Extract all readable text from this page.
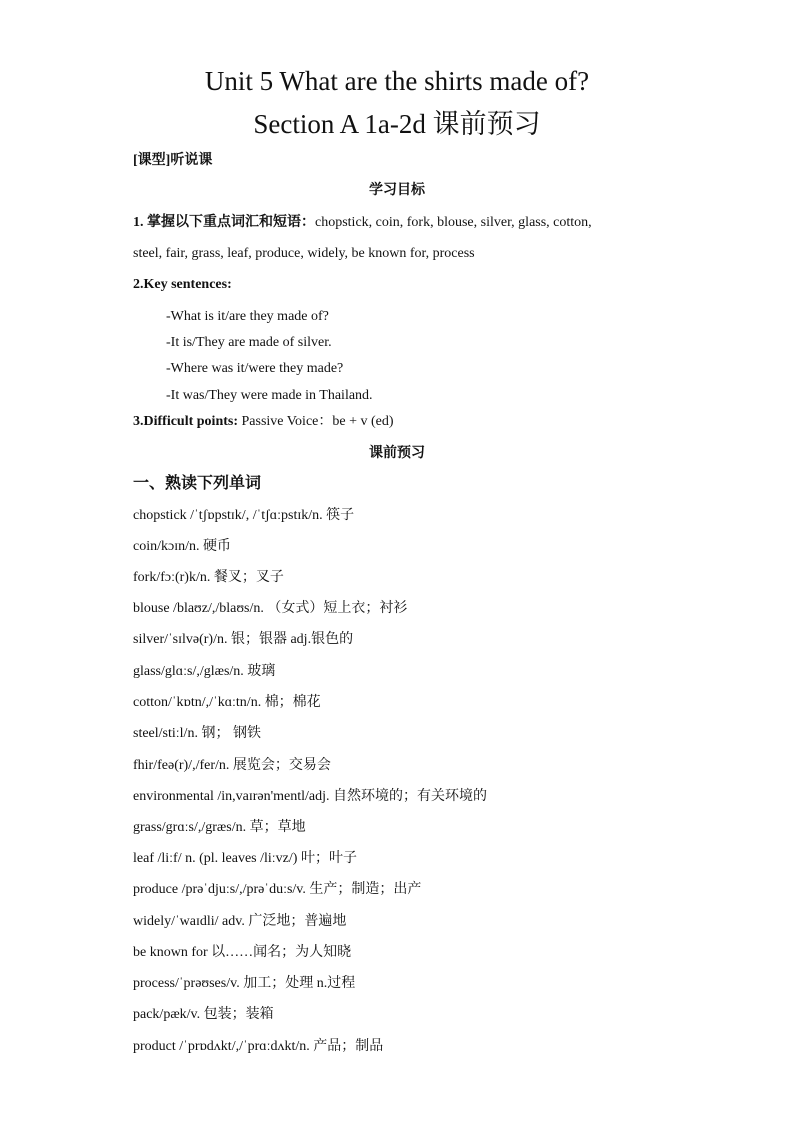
Unit 5 What are the shirts made of?
Section A 1a-2d 课前预习
[课型]听说课
学习目标
1. 掌握以下重点词汇和短语：chopstick, coin, fork, blouse, silver, glass, cotton,
steel, fair, grass, leaf, produce, widely, be known for, process
2.Key sentences:
-What is it/are they made of?
-It is/They are made of silver.
-Where was it/were they made?
-It was/They were made in Thailand.
3.Difficult points: Passive Voice：be + v (ed)
课前预习
一、熟读下列单词
chopstick /ˈtʃɒpstɪk/, /ˈtʃɑːpstɪk/n. 筷子
coin/kɔɪn/n. 硬币
fork/fɔː(r)k/n. 餐叉；叉子
blouse /blaʊz/,/blaʊs/n. （女式）短上衣；衬衫
silver/ˈsɪlvə(r)/n. 银；银器 adj.银色的
glass/glɑːs/,/glæs/n. 玻璃
cotton/ˈkɒtn/,/ˈkɑːtn/n. 棉；棉花
steel/stiːl/n. 钢； 钢铁
fhir/feə(r)/,/fer/n. 展览会；交易会
environmental /in,vaɪrən'mentl/adj. 自然环境的；有关环境的
grass/grɑːs/,/græs/n. 草；草地
leaf /liːf/ n. (pl. leaves /liːvz/) 叶；叶子
produce /prəˈdjuːs/,/prəˈduːs/v. 生产；制造；出产
widely/ˈwaɪdli/ adv. 广泛地；普遍地
be known for 以……闻名；为人知晓
process/ˈprəʊses/v. 加工；处理 n.过程
pack/pæk/v. 包装；装箱
product /ˈprɒdʌkt/,/ˈprɑːdʌkt/n. 产品；制品
